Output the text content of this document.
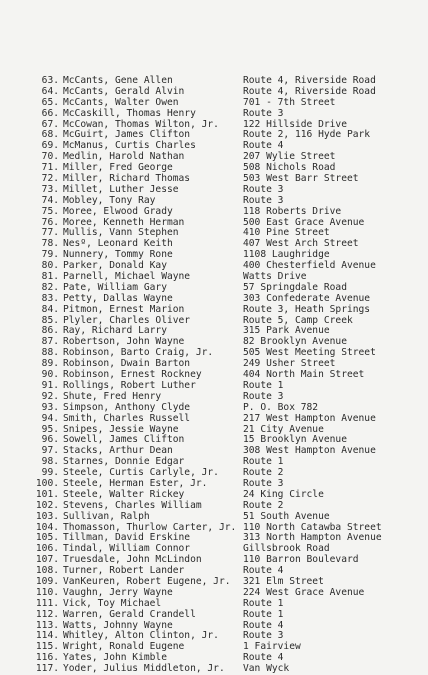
63. McCants, Gene Allen	Route 4, Riverside Road
64. McCants, Gerald Alvin	Route 4, Riverside Road
65. McCants, Walter Owen	701 - 7th Street
66. McCaskill, Thomas Henry	Route 3
67. McCowan, Thomas Wilton, Jr.	122 Hillside Drive
68. McGuirt, James Clifton	Route 2, 116 Hyde Park
69. McManus, Curtis Charles	Route 4
70. Medlin, Harold Nathan	207 Wylie Street
71. Miller, Fred George	508 Nichols Road
72. Miller, Richard Thomas	503 West Barr Street
73. Millet, Luther Jesse	Route 3
74. Mobley, Tony Ray	Route 3
75. Moree, Elwood Grady	118 Roberts Drive
76. Moree, Kenneth Herman	500 East Grace Avenue
77. Mullis, Vann Stephen	410 Pine Street
78. Nesº, Leonard Keith	407 West Arch Street
79. Nunnery, Tommy Rone	1108 Laughridge
80. Parker, Donald Kay	400 Chesterfield Avenue
81. Parnell, Michael Wayne	Watts Drive
82. Pate, William Gary	57 Springdale Road
83. Petty, Dallas Wayne	303 Confederate Avenue
84. Pitmon, Ernest Marion	Route 3, Heath Springs
85. Plyler, Charles Oliver	Route 5, Camp Creek
86. Ray, Richard Larry	315 Park Avenue
87. Robertson, John Wayne	82 Brooklyn Avenue
88. Robinson, Barto Craig, Jr.	505 West Meeting Street
89. Robinson, Dwain Barton	249 Usher Street
90. Robinson, Ernest Rockney	404 North Main Street
91. Rollings, Robert Luther	Route 1
92. Shute, Fred Henry	Route 3
93. Simpson, Anthony Clyde	P. O. Box 782
94. Smith, Charles Russell	217 West Hampton Avenue
95. Snipes, Jessie Wayne	21 City Avenue
96. Sowell, James Clifton	15 Brooklyn Avenue
97. Stacks, Arthur Dean	308 West Hampton Avenue
98. Starnes, Donnie Edgar	Route 1
99. Steele, Curtis Carlyle, Jr.	Route 2
100. Steele, Herman Ester, Jr.	Route 3
101. Steele, Walter Rickey	24 King Circle
102. Stevens, Charles William	Route 2
103. Sullivan, Ralph	51 South Avenue
104. Thomasson, Thurlow Carter, Jr. 110 North Catawba Street
105. Tillman, David Erskine	313 North Hampton Avenue
106. Tindal, William Connor	Gillsbrook Road
107. Truesdale, John McLindon	110 Barron Boulevard
108. Turner, Robert Lander	Route 4
109. VanKeuren, Robert Eugene, Jr. 321 Elm Street
110. Vaughn, Jerry Wayne	224 West Grace Avenue
111. Vick, Toy Michael	Route 1
112. Warren, Gerald Crandell	Route 1
113. Watts, Johnny Wayne	Route 4
114. Whitley, Alton Clinton, Jr.	Route 3
115. Wright, Ronald Eugene	1 Fairview
116. Yates, John Kimble	Route 4
117. Yoder, Julius Middleton, Jr. Van Wyck
